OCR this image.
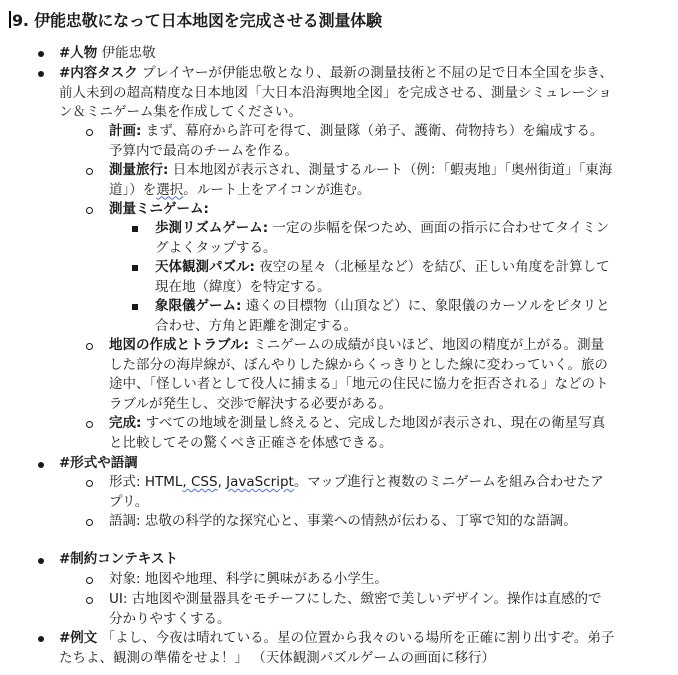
9. 伊能忠敬になって日本地図を完成させる測量体験
#人物 伊能忠敬
#内容タスク プレイヤーが伊能忠敬となり、最新の測量技術と不屈の足で日本全国を歩き、前人未到の超高精度な日本地図「大日本沿海輿地全図」を完成させる、測量シミュレーション＆ミニゲーム集を作成してください。
計画: まず、幕府から許可を得て、測量隊（弟子、護衛、荷物持ち）を編成する。予算内で最高のチームを作る。
測量旅行: 日本地図が表示され、測量するルート（例：「蝦夷地」「奥州街道」「東海道」）を選択。ルート上をアイコンが進む。
測量ミニゲーム:
歩測リズムゲーム: 一定の歩幅を保つため、画面の指示に合わせてタイミングよくタップする。
天体観測パズル: 夜空の星々（北極星など）を結び、正しい角度を計算して現在地（緯度）を特定する。
象限儀ゲーム: 遠くの目標物（山頂など）に、象限儀のカーソルをピタリと合わせ、方角と距離を測定する。
地図の作成とトラブル: ミニゲームの成績が良いほど、地図の精度が上がる。測量した部分の海岸線が、ぼんやりした線からくっきりとした線に変わっていく。旅の途中、「怪しい者として役人に捕まる」「地元の住民に協力を拒否される」などのトラブルが発生し、交渉で解決する必要がある。
完成: すべての地域を測量し終えると、完成した地図が表示され、現在の衛星写真と比較してその驚くべき正確さを体感できる。
#形式や語調
形式: HTML, CSS, JavaScript。マップ進行と複数のミニゲームを組み合わせたアプリ。
語調: 忠敬の科学的な探究心と、事業への情熱が伝わる、丁寧で知的な語調。
#制約コンテキスト
対象: 地図や地理、科学に興味がある小学生。
UI: 古地図や測量器具をモチーフにした、緻密で美しいデザイン。操作は直感的で分かりやすくする。
#例文 「よし、今夜は晴れている。星の位置から我々のいる場所を正確に割り出すぞ。弟子たちよ、観測の準備をせよ！」 （天体観測パズルゲームの画面に移行）
